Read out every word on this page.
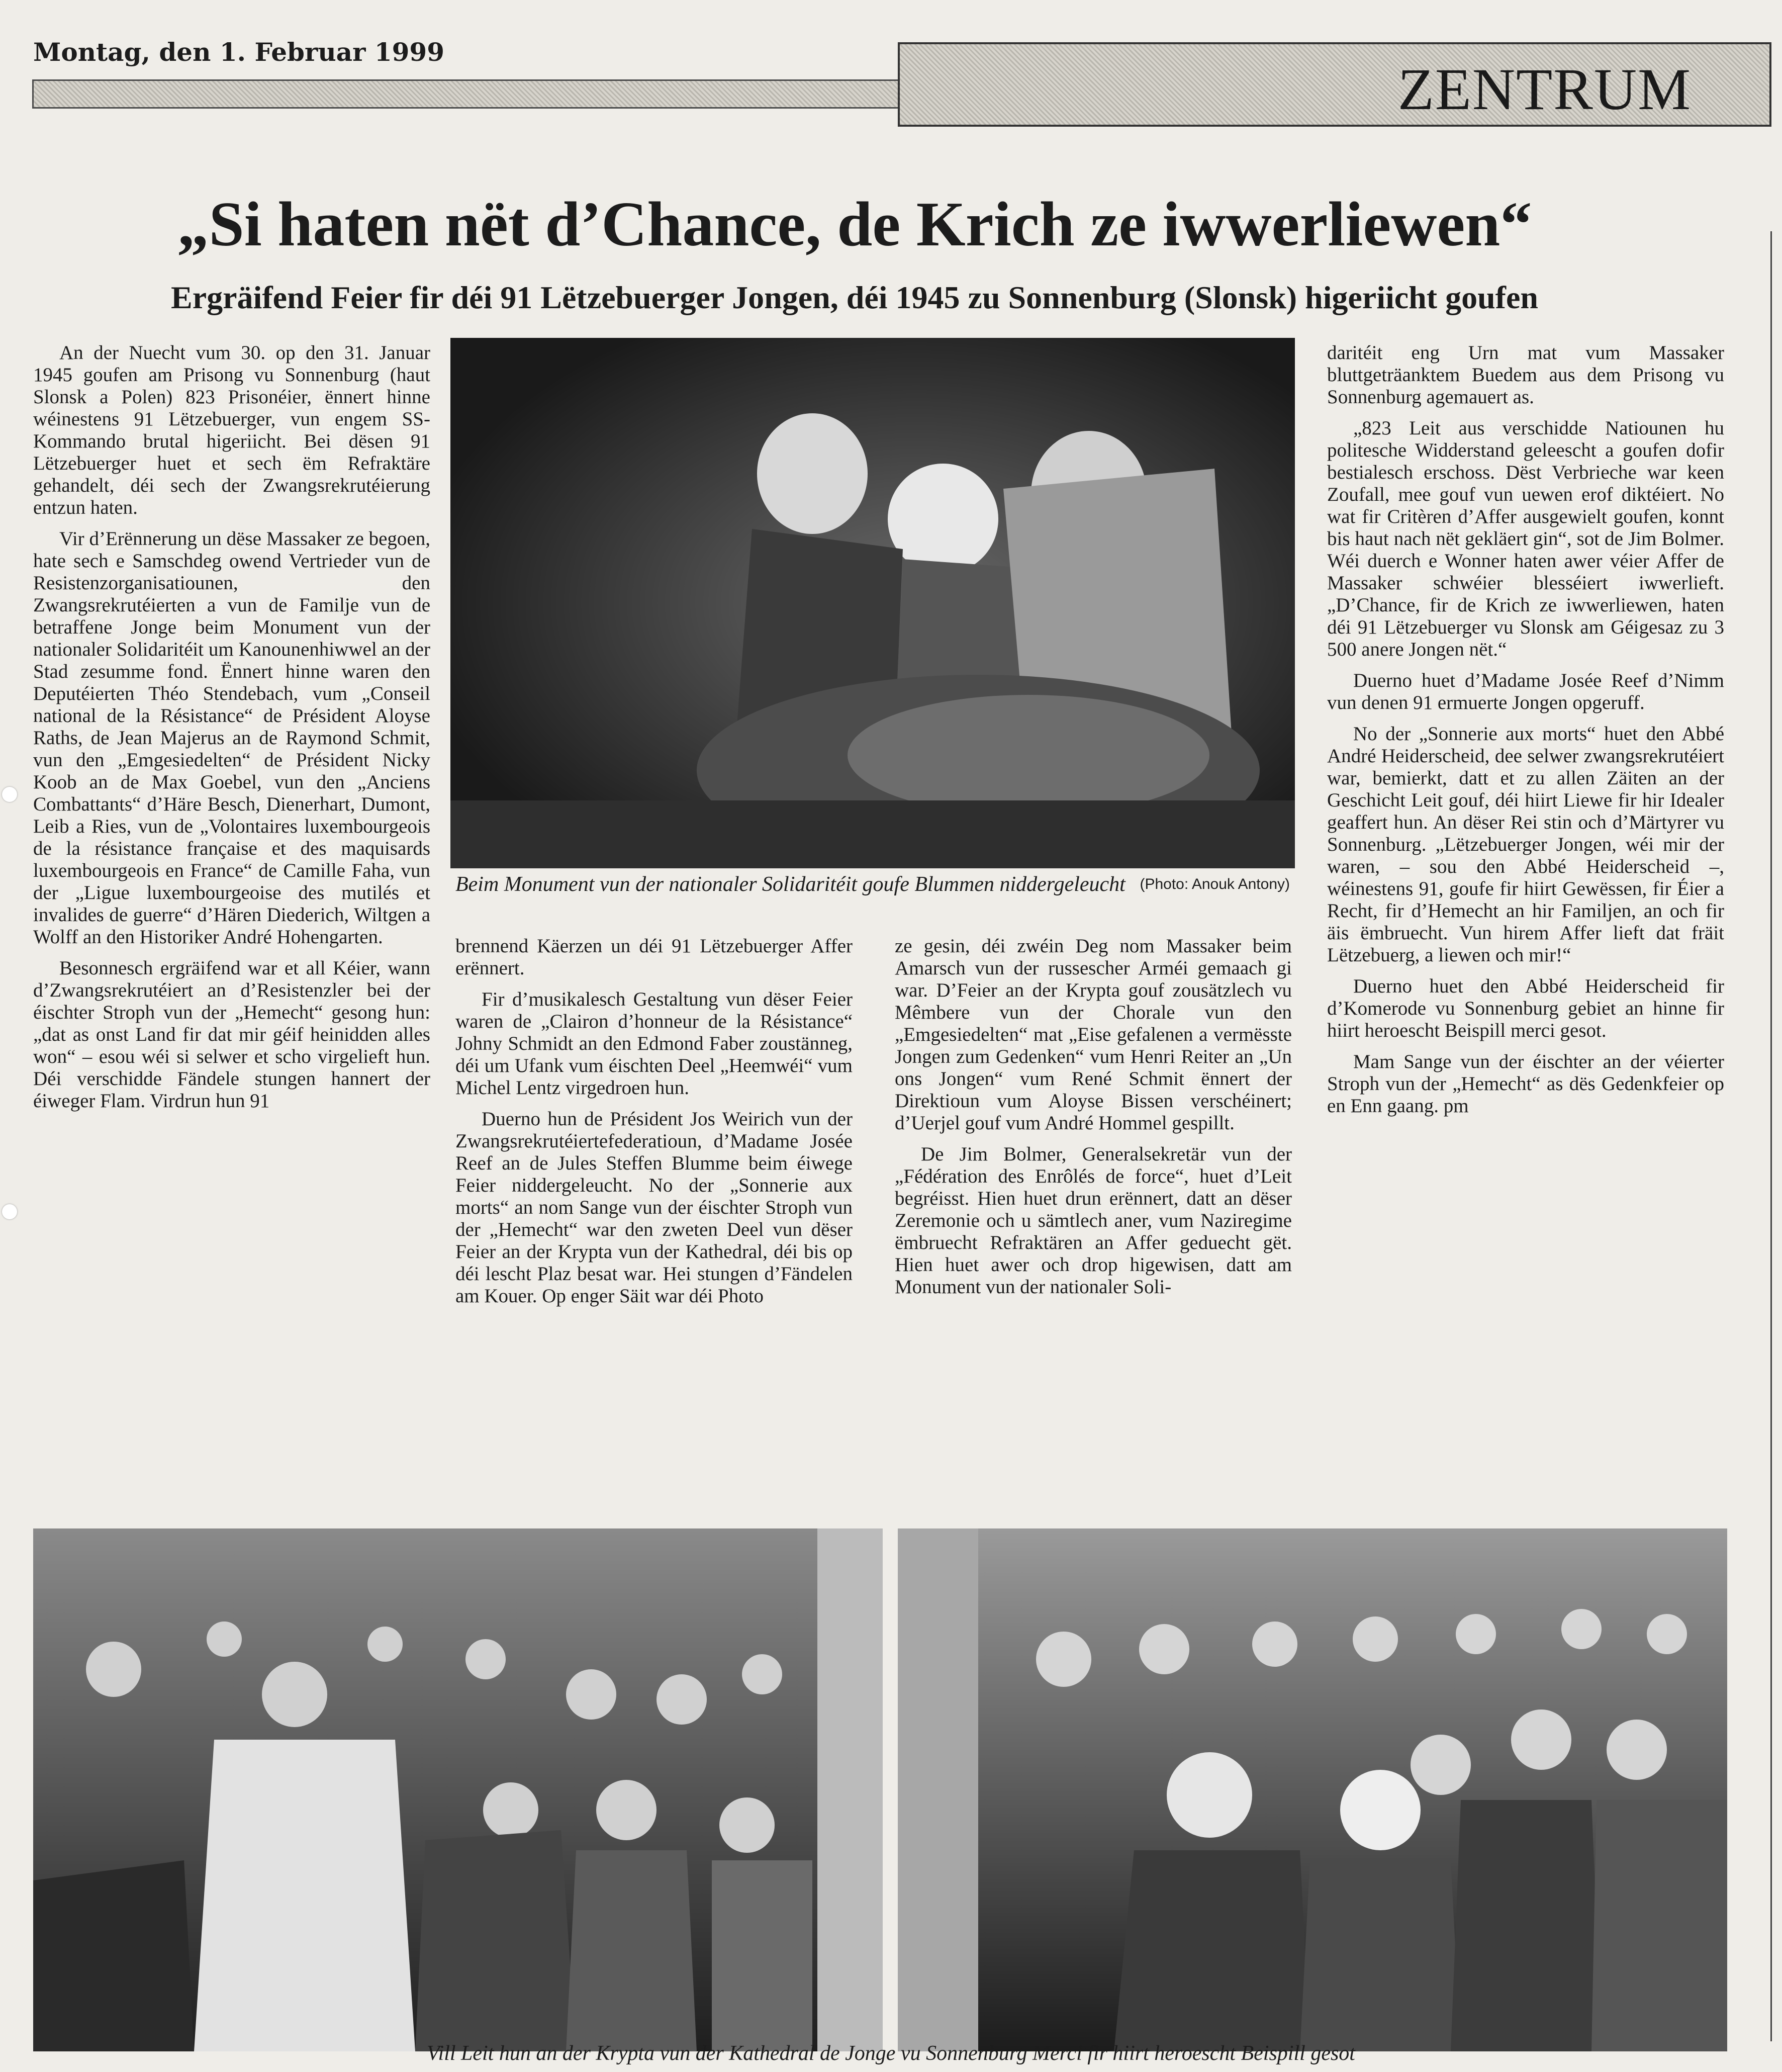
Montag, den 1. Februar 1999
ZENTRUM
„Si haten nët d’Chance, de Krich ze iwwerliewen“
Ergräifend Feier fir déi 91 Lëtzebuerger Jongen, déi 1945 zu Sonnenburg (Slonsk) higeriicht goufen

An der Nuecht vum 30. op den 31. Januar 1945 goufen am Prisong vu Sonnenburg (haut Slonsk a Polen) 823 Prisonéier, ënnert hinne wéinestens 91 Lëtzebuerger, vun engem SS-Kommando brutal higeriicht. Bei dësen 91 Lëtzebuerger huet et sech ëm Refraktäre gehandelt, déi sech der Zwangsrekrutéierung entzun haten.

Vir d’Erënnerung un dëse Massaker ze begoen, hate sech e Samschdeg owend Vertrieder vun de Resistenzorganisatiounen, den Zwangsrekrutéierten a vun de Familje vun de betraffene Jonge beim Monument vun der nationaler Solidaritéit um Kanounenhiwwel an der Stad zesumme fond. Ënnert hinne waren den Deputéierten Théo Stendebach, vum „Conseil national de la Résistance“ de Président Aloyse Raths, de Jean Majerus an de Raymond Schmit, vun den „Emgesiedelten“ de Président Nicky Koob an de Max Goebel, vun den „Anciens Combattants“ d’Häre Besch, Dienerhart, Dumont, Leib a Ries, vun de „Volontaires luxembourgeois de la résistance française et des maquisards luxembourgeois en France“ de Camille Faha, vun der „Ligue luxembourgeoise des mutilés et invalides de guerre“ d’Hären Diederich, Wiltgen a Wolff an den Historiker André Hohengarten.

Besonnesch ergräifend war et all Kéier, wann d’Zwangsrekrutéiert an d’Resistenzler bei der éischter Stroph vun der „Hemecht“ gesong hun: „dat as onst Land fir dat mir géif heinidden alles won“ – esou wéi si selwer et scho virgelieft hun. Déi verschidde Fändele stungen hannert der éiweger Flam. Virdrun hun 91

Beim Monument vun der nationaler Solidaritéit goufe Blummen niddergeleucht (Photo: Anouk Antony)

brennend Käerzen un déi 91 Lëtzebuerger Affer erënnert.

Fir d’musikalesch Gestaltung vun dëser Feier waren de „Clairon d’honneur de la Résistance“ Johny Schmidt an den Edmond Faber zoustänneg, déi um Ufank vum éischten Deel „Heemwéi“ vum Michel Lentz virgedroen hun.

Duerno hun de Président Jos Weirich vun der Zwangsrekrutéiertefederatioun, d’Madame Josée Reef an de Jules Steffen Blumme beim éiwege Feier niddergeleucht. No der „Sonnerie aux morts“ an nom Sange vun der éischter Stroph vun der „Hemecht“ war den zweten Deel vun dëser Feier an der Krypta vun der Kathedral, déi bis op déi lescht Plaz besat war. Hei stungen d’Fändelen am Kouer. Op enger Säit war déi Photo

ze gesin, déi zwéin Deg nom Massaker beim Amarsch vun der russescher Arméi gemaach gi war. D’Feier an der Krypta gouf zousätzlech vu Mêmbere vun der Chorale vun den „Emgesiedelten“ mat „Eise gefalenen a vermësste Jongen zum Gedenken“ vum Henri Reiter an „Un ons Jongen“ vum René Schmit ënnert der Direktioun vum Aloyse Bissen verschéinert; d’Uerjel gouf vum André Hommel gespillt.

De Jim Bolmer, Generalsekretär vun der „Fédération des Enrôlés de force“, huet d’Leit begréisst. Hien huet drun erënnert, datt an dëser Zeremonie och u sämtlech aner, vum Naziregime ëmbruecht Refraktären an Affer geduecht gët. Hien huet awer och drop higewisen, datt am Monument vun der nationaler Soli-

daritéit eng Urn mat vum Massaker bluttgeträanktem Buedem aus dem Prisong vu Sonnenburg agemauert as.

„823 Leit aus verschidde Natiounen hu politesche Widderstand geleescht a goufen dofir bestialesch erschoss. Dëst Verbrieche war keen Zoufall, mee gouf vun uewen erof diktéiert. No wat fir Critèren d’Affer ausgewielt goufen, konnt bis haut nach nët gekläert gin“, sot de Jim Bolmer. Wéi duerch e Wonner haten awer véier Affer de Massaker schwéier blesséiert iwwerlieft. „D’Chance, fir de Krich ze iwwerliewen, haten déi 91 Lëtzebuerger vu Slonsk am Géigesaz zu 3 500 anere Jongen nët.“

Duerno huet d’Madame Josée Reef d’Nimm vun denen 91 ermuerte Jongen opgeruff.

No der „Sonnerie aux morts“ huet den Abbé André Heiderscheid, dee selwer zwangsrekrutéiert war, bemierkt, datt et zu allen Zäiten an der Geschicht Leit gouf, déi hiirt Liewe fir hir Idealer geaffert hun. An dëser Rei stin och d’Märtyrer vu Sonnenburg. „Lëtzebuerger Jongen, wéi mir der waren, – sou den Abbé Heiderscheid –, wéinestens 91, goufe fir hiirt Gewëssen, fir Éier a Recht, fir d’Hemecht an hir Familjen, an och fir äis ëmbruecht. Vun hirem Affer lieft dat fräit Lëtzebuerg, a liewen och mir!“

Duerno huet den Abbé Heiderscheid fir d’Komerode vu Sonnenburg gebiet an hinne fir hiirt heroescht Beispill merci gesot.

Mam Sange vun der éischter an der véierter Stroph vun der „Hemecht“ as dës Gedenkfeier op en Enn gaang. pm

Vill Leit hun an der Krypta vun der Kathedral de Jonge vu Sonnenburg Merci fir hiirt heroescht Beispill gesot
